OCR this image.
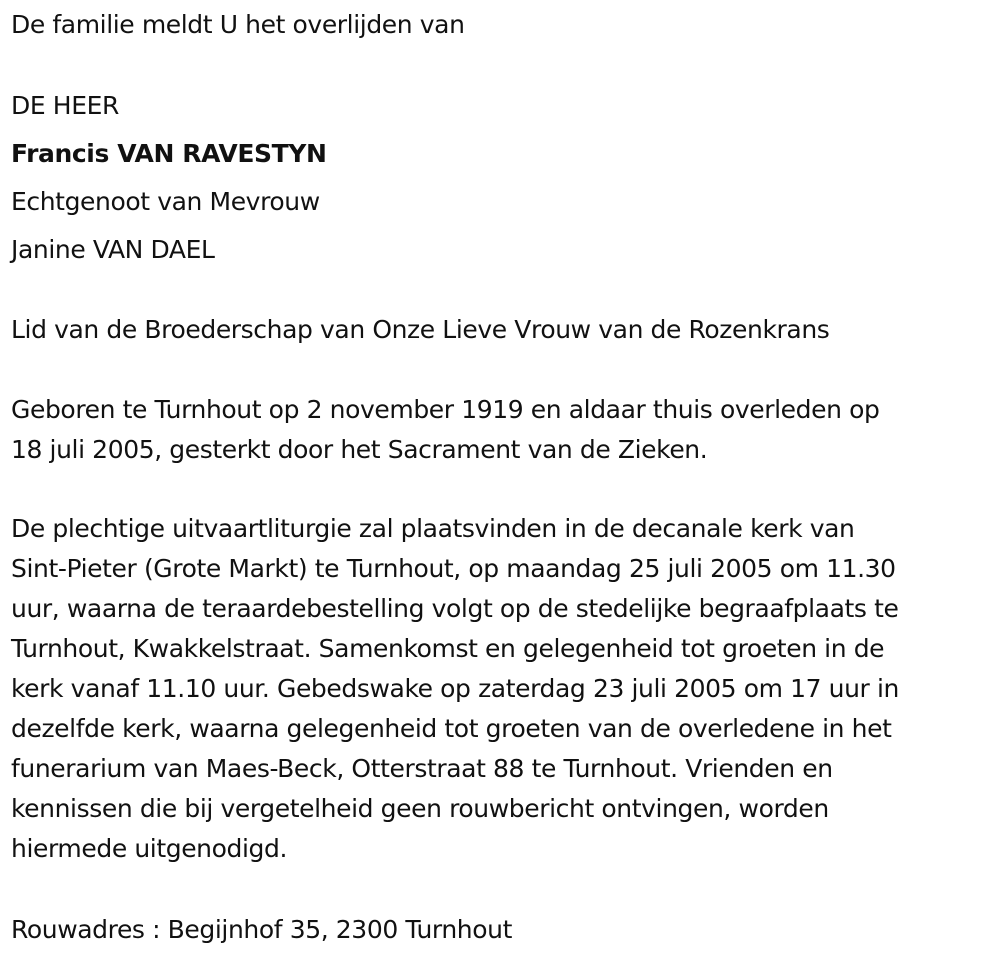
De familie meldt U het overlijden van
DE HEER
Francis VAN RAVESTYN
Echtgenoot van Mevrouw
Janine VAN DAEL
Lid van de Broederschap van Onze Lieve Vrouw van de Rozenkrans
Geboren te Turnhout op 2 november 1919 en aldaar thuis overleden op
18 juli 2005, gesterkt door het Sacrament van de Zieken.
De plechtige uitvaartliturgie zal plaatsvinden in de decanale kerk van
Sint-Pieter (Grote Markt) te Turnhout, op maandag 25 juli 2005 om 11.30
uur, waarna de teraardebestelling volgt op de stedelijke begraafplaats te
Turnhout, Kwakkelstraat. Samenkomst en gelegenheid tot groeten in de
kerk vanaf 11.10 uur. Gebedswake op zaterdag 23 juli 2005 om 17 uur in
dezelfde kerk, waarna gelegenheid tot groeten van de overledene in het
funerarium van Maes-Beck, Otterstraat 88 te Turnhout. Vrienden en
kennissen die bij vergetelheid geen rouwbericht ontvingen, worden
hiermede uitgenodigd.
Rouwadres : Begijnhof 35, 2300 Turnhout
